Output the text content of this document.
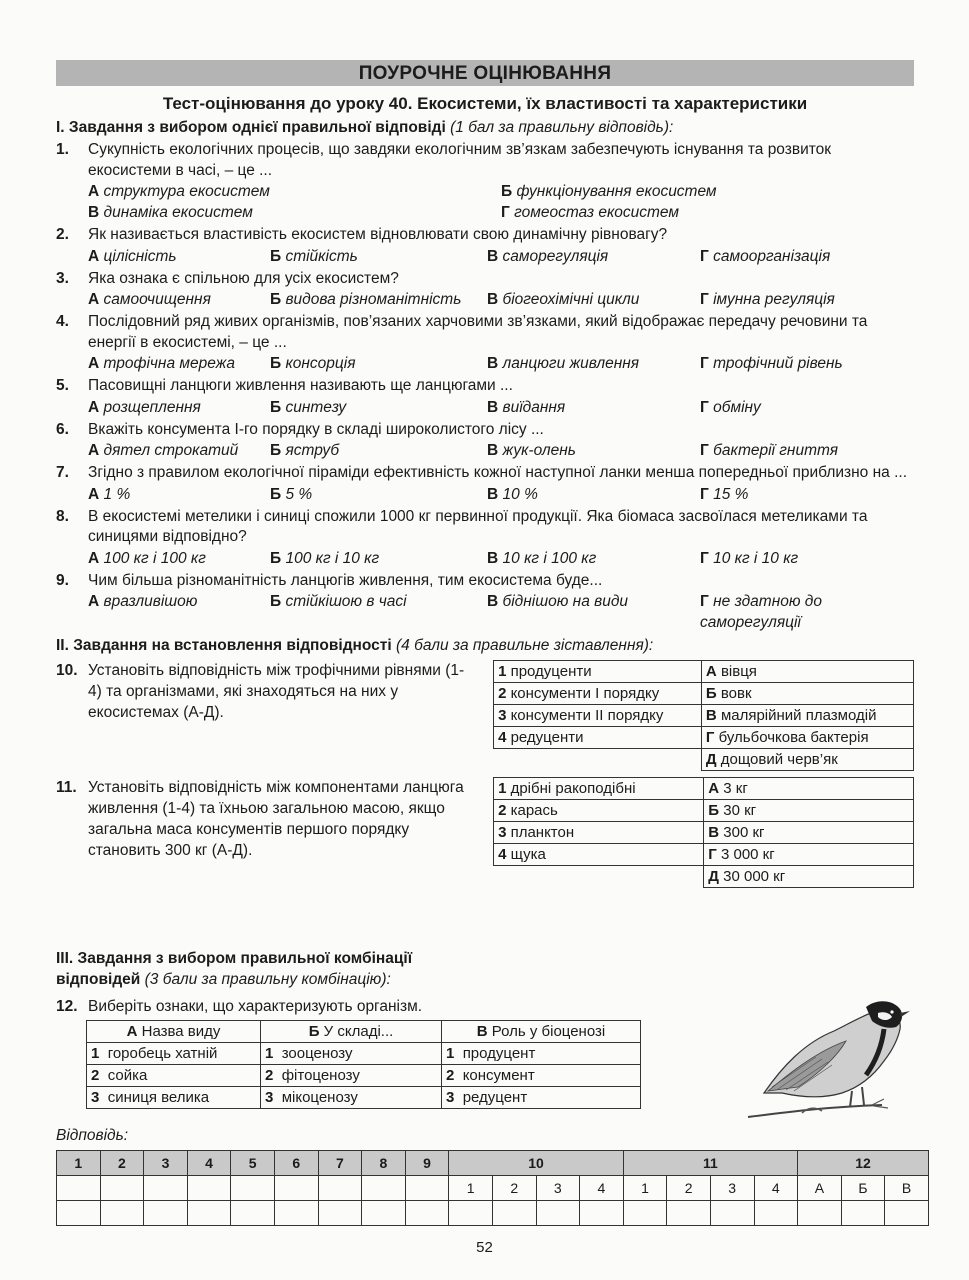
ПОУРОЧНЕ ОЦІНЮВАННЯ
Тест-оцінювання до уроку 40. Екосистеми, їх властивості та характеристики
I. Завдання з вибором однієї правильної відповіді (1 бал за правильну відповідь):
1. Сукупність екологічних процесів, що завдяки екологічним зв’язкам забезпечують існування та розвиток екосистеми в часі, – це ...
А структура екосистем	Б функціонування екосистем
В динаміка екосистем	Г гомеостаз екосистем
2. Як називається властивість екосистем відновлювати свою динамічну рівновагу?
А цілісність	Б стійкість	В саморегуляція	Г самоорганізація
3. Яка ознака є спільною для усіх екосистем?
А самоочищення	Б видова різноманітність	В біогеохімічні цикли	Г імунна регуляція
4. Послідовний ряд живих організмів, пов’язаних харчовими зв’язками, який відображає передачу речовини та енергії в екосистемі, – це ...
А трофічна мережа	Б консорція	В ланцюги живлення	Г трофічний рівень
5. Пасовищні ланцюги живлення називають ще ланцюгами ...
А розщеплення	Б синтезу	В виїдання	Г обміну
6. Вкажіть консумента I-го порядку в складі широколистого лісу ...
А дятел строкатий	Б яструб	В жук-олень	Г бактерії гниття
7. Згідно з правилом екологічної піраміди ефективність кожної наступної ланки менша попередньої приблизно на ...
А 1 %	Б 5 %	В 10 %	Г 15 %
8. В екосистемі метелики і синиці спожили 1000 кг первинної продукції. Яка біомаса засвоїлася метеликами та синицями відповідно?
А 100 кг і 100 кг	Б 100 кг і 10 кг	В 10 кг і 100 кг	Г 10 кг і 10 кг
9. Чим більша різноманітність ланцюгів живлення, тим екосистема буде...
А вразливішою	Б стійкішою в часі	В біднішою на види	Г не здатною до саморегуляції
II. Завдання на встановлення відповідності (4 бали за правильне зіставлення):
10. Установіть відповідність між трофічними рівнями (1-4) та організмами, які знаходяться на них у екосистемах (А-Д).
1 продуценти	А вівця
2 консументи I порядку	Б вовк
3 консументи II порядку	В малярійний плазмодій
4 редуценти	Г бульбочкова бактерія
	Д дощовий черв’як
11. Установіть відповідність між компонентами ланцюга живлення (1-4) та їхньою загальною масою, якщо загальна маса консументів першого порядку становить 300 кг (А-Д).
1 дрібні ракоподібні	А 3 кг
2 карась	Б 30 кг
3 планктон	В 300 кг
4 щука	Г 3 000 кг
	Д 30 000 кг
III. Завдання з вибором правильної комбінації відповідей (3 бали за правильну комбінацію):
12. Виберіть ознаки, що характеризують організм.
А Назва виду	Б У складі...	В Роль у біоценозі
1 горобець хатній	1 зооценозу	1 продуцент
2 сойка	2 фітоценозу	2 консумент
3 синиця велика	3 мікоценозу	3 редуцент
Відповідь:
1	2	3	4	5	6	7	8	9	10				11				12		
									1	2	3	4	1	2	3	4	А	Б	В

52
